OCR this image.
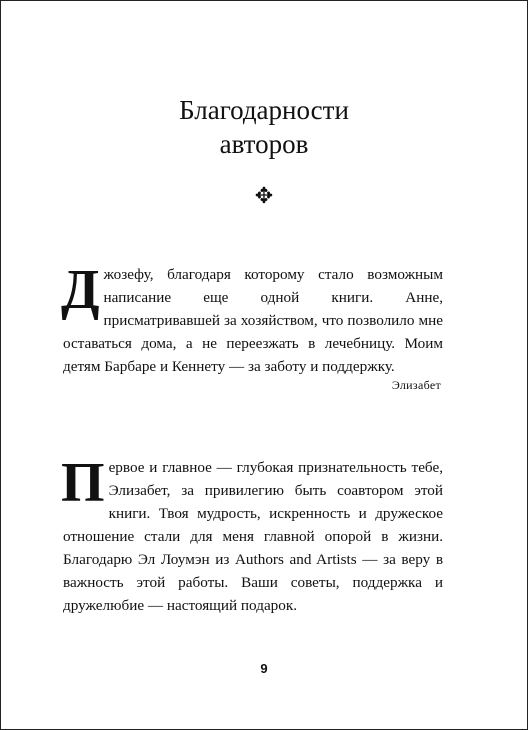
Благодарности
авторов
✥

Джозефу, благодаря которому стало возможным написание еще одной книги. Анне, присматривавшей за хозяйством, что позволило мне оставаться дома, а не переезжать в лечебницу. Моим детям Барбаре и Кеннету — за заботу и поддержку.

Элизабет

Первое и главное — глубокая признательность тебе, Элизабет, за привилегию быть соавтором этой книги. Твоя мудрость, искренность и дружеское отношение стали для меня главной опорой в жизни. Благодарю Эл Лоумэн из Authors and Artists — за веру в важность этой работы. Ваши советы, поддержка и дружелюбие — настоящий подарок.

9
